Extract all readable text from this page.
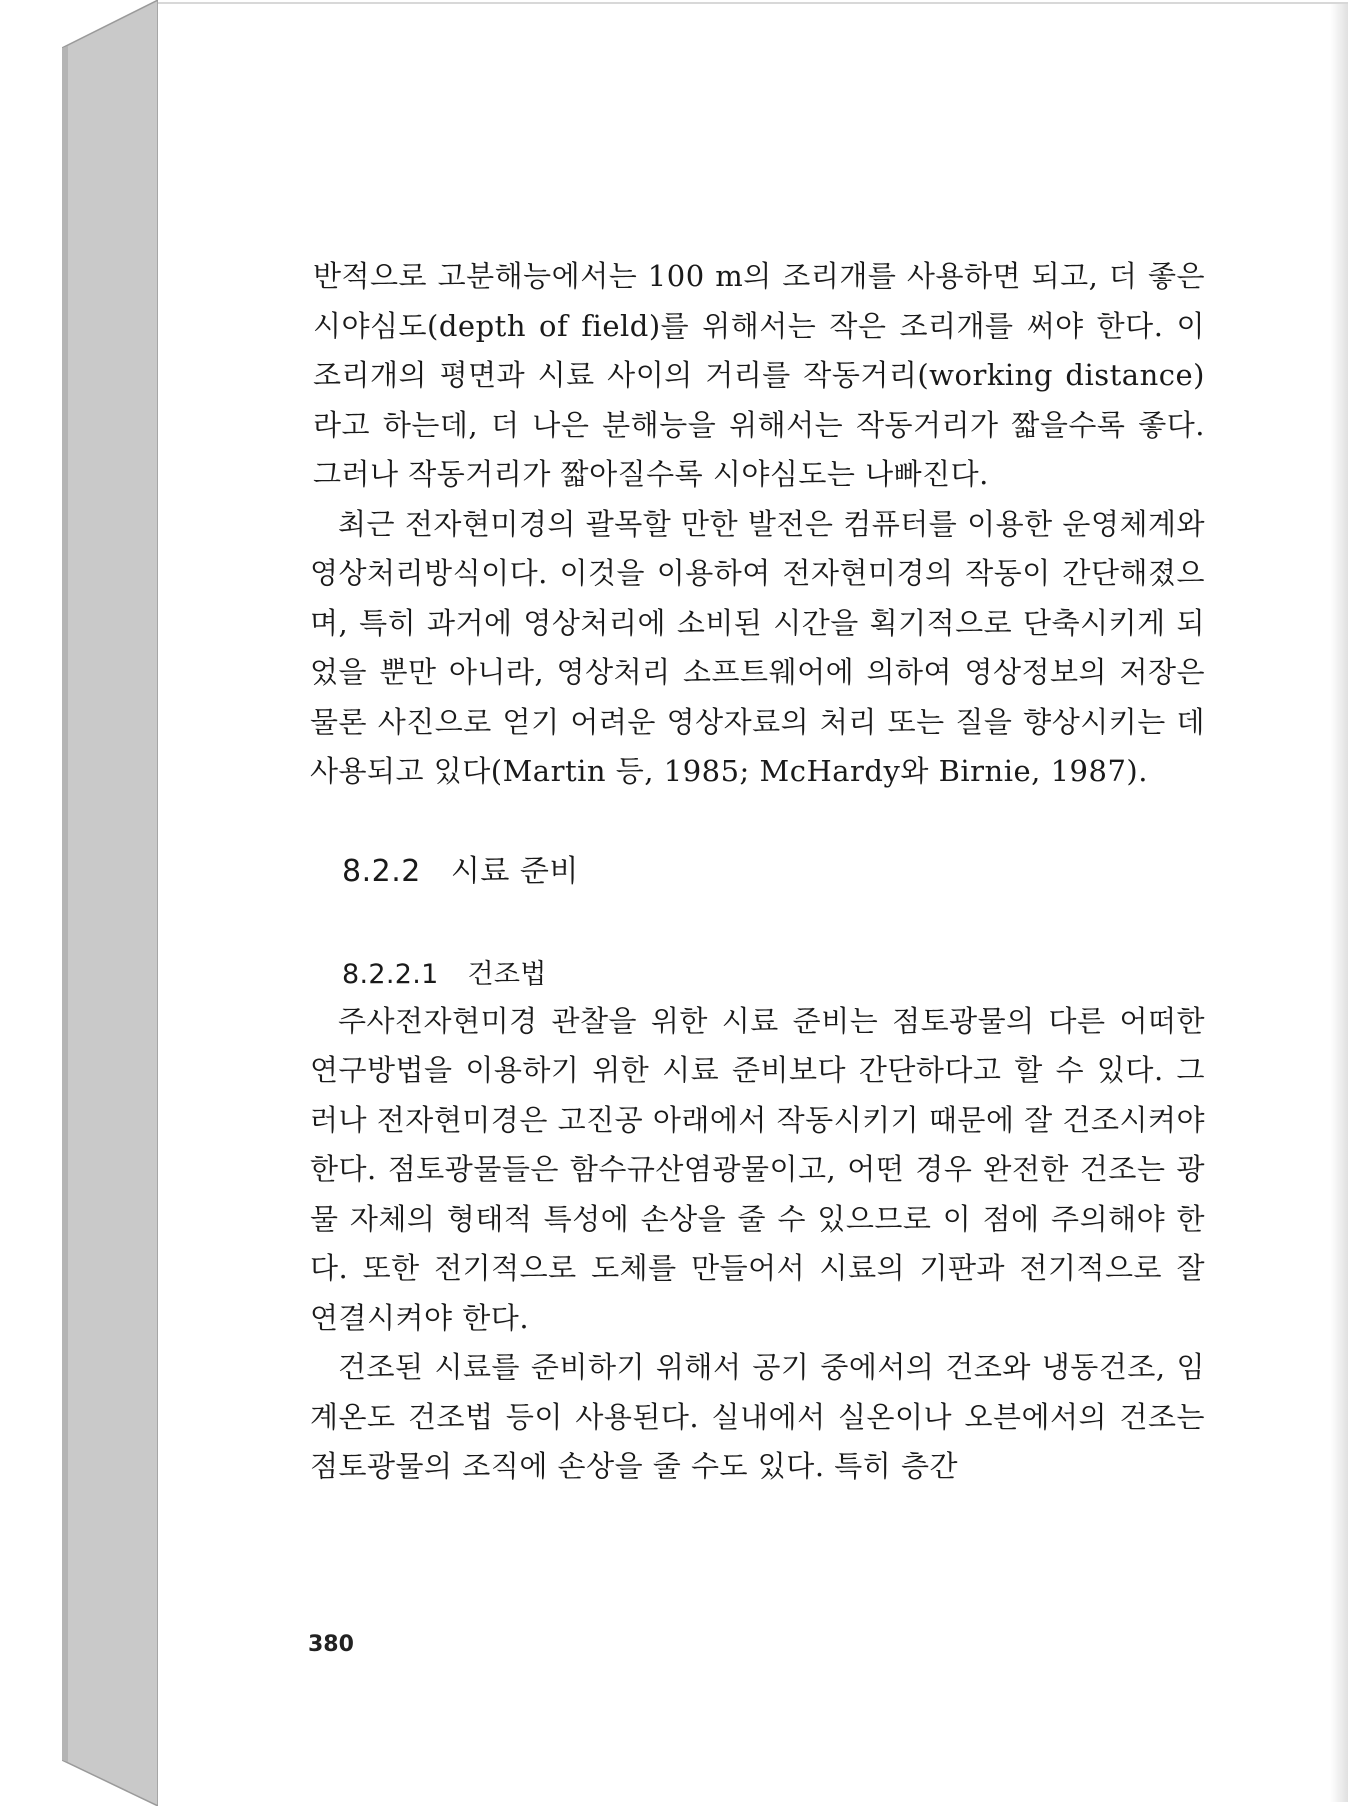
반적으로 고분해능에서는 100 m의 조리개를 사용하면 되고, 더 좋은 시야심도(depth of field)를 위해서는 작은 조리개를 써야 한다. 이 조리개의 평면과 시료 사이의 거리를 작동거리(working distance)라고 하는데, 더 나은 분해능을 위해서는 작동거리가 짧을수록 좋다. 그러나 작동거리가 짧아질수록 시야심도는 나빠진다.

최근 전자현미경의 괄목할 만한 발전은 컴퓨터를 이용한 운영체계와 영상처리방식이다. 이것을 이용하여 전자현미경의 작동이 간단해졌으며, 특히 과거에 영상처리에 소비된 시간을 획기적으로 단축시키게 되었을 뿐만 아니라, 영상처리 소프트웨어에 의하여 영상정보의 저장은 물론 사진으로 얻기 어려운 영상자료의 처리 또는 질을 향상시키는 데 사용되고 있다(Martin 등, 1985; McHardy와 Birnie, 1987).

8.2.2 시료 준비
8.2.2.1 건조법

주사전자현미경 관찰을 위한 시료 준비는 점토광물의 다른 어떠한 연구방법을 이용하기 위한 시료 준비보다 간단하다고 할 수 있다. 그러나 전자현미경은 고진공 아래에서 작동시키기 때문에 잘 건조시켜야 한다. 점토광물들은 함수규산염광물이고, 어떤 경우 완전한 건조는 광물 자체의 형태적 특성에 손상을 줄 수 있으므로 이 점에 주의해야 한다. 또한 전기적으로 도체를 만들어서 시료의 기판과 전기적으로 잘 연결시켜야 한다.

건조된 시료를 준비하기 위해서 공기 중에서의 건조와 냉동건조, 임계온도 건조법 등이 사용된다. 실내에서 실온이나 오븐에서의 건조는 점토광물의 조직에 손상을 줄 수도 있다. 특히 층간

380
